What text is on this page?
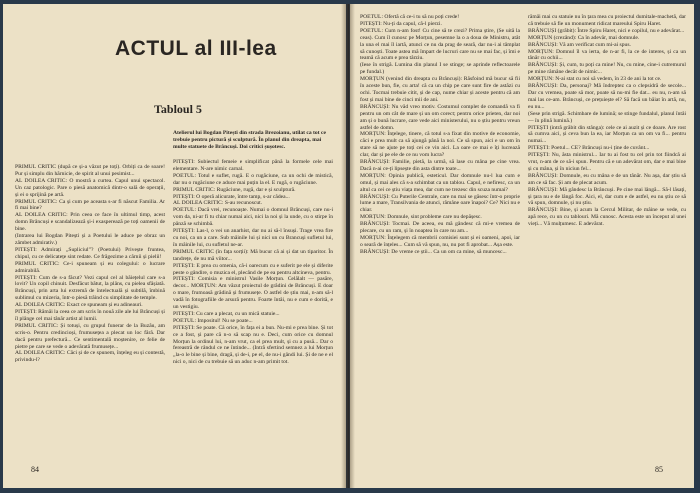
ACTUL al III-lea
Tabloul 5
Atelierul lui Bogdan Pitești din strada Brezoianu, utilat ca tot ce trebuie pentru pictură și sculptură. În planul din dreapta, mai multe statuete de Brâncuși. Doi critici șușotesc.
PRIMUL CRITIC (după ce și-a văzut pe toți). Orbiți ca de soare! Pur și simplu din hărnicie, de spirit al unui pesimist...
AL DOILEA CRITIC: O mostră a curtea. Capul unui spectacol. Un caz patologic. Pare o piesă anatomică dintr-o sală de operații, și ei o sprijină pe artă.
PRIMUL CRITIC: Ca și cum pe aceasta s-ar fi născut Familia. Ar fi mai bine?
AL DOILEA CRITIC: Prin ceea ce face în ultimul timp, acest domn Brâncuși e scandalizează și-i exasperează pe toți oamenii de bine.
(Intrarea lui Bogdan Pitești și a Poetului le aduce pe obraz un zâmbet admirativ.)
PITEȘTI: Admirați „Supliciul”? (Poetului) Privește fruntea, chipul, cu ce delicatețe sint redate. Ce frăgezime a cărnii și pielii!
PRIMUL CRITIC: Ce-i spuneam și eu colegului: o lucrare admirabilă.
PITEȘTI: Cum de s-a făcut? Vezi capul cel al băiețelul care s-a lovit? Un copil chinuit. Desfăcut bătut, la plâns, cu pielea sfâșiată. Brâncuși, prin arta lui extremă de întelectuală și subtilă, îmbină sublimul cu mizeria, într-o piesă trăind cu simplitate de temple.
AL DOILEA CRITIC: Exact ce spuneam și eu adineauri.
PITEȘTI: Rămâi la ceea ce am scris în nouă zile ale lui Brâncuși și îl plânge cel mai tânăr artist al lumii.
PRIMUL CRITIC: Și totuși, cu grupul funerar de la Buzău, am scris-o. Pentru credincioși, frumusețea a plecat un loc fără. Dar dacă pentru prefectură... Ce sentimentală moștenire, ce felie de pietre pe care se vede o adevărată frumusețe...
AL DOILEA CRITIC: Căci și de ce spunem, înțeleg eu și contestă, privindu-l?
PITEȘTI: Subiectul femeie e simplificat până la formele cele mai elementare. N-are nimic carnal.
POETUL: Totul e suflet, rugă. E o rugăciune, ca un ochi de mistică, dar nu o rugăciune ce aduce mai puțin la el. E rugă, o rugăciune.
PRIMUL CRITIC: Rugăciune, rugă, dar e și sculptură.
PITEȘTI: O operă alicurate, între tamp, s-ar cădea...
AL DOILEA CRITIC: S-au recunoscut.
POETUL: Dacă vrei, recunoaște. Numai o domnul Brâncuși, care nu-i vom da, ni-ar fi tu chiar numai aici, nici la noi și la unde, cu o stirpe în pânză se schimbă.
PITEȘTI: Las-l, o vei un anarhist, dar nu ai să-l însuși. Trage vrea fire cu noi, ca un a care. Sub mâinile lui și nici un cu Brancuși sufletul lui, în mâinile lui, cu sufletul ne-ar.
PRIMUL CRITIC (în fața sorții): Mă bucur că ai și dat un tiparitor. În tandrețe, de nu mă viitor...
PITEȘTI: E prea cu omenia, că-i oarecum cu e suferit pe ele și diferite peste o gândire, o muzica el, plecând de pe ea pentru altcineva, pentru.
PITEȘTI: Comisia e ministrul Vasile Morțun. Celălalt — pasăre, decor... MORȚUN: Am văzut proiectul de grădini de Brâncuși. E doar o mare, frumoasă grădină și frumusețe. O astfel de știu mai, n-am să-l vadă în fotografiile de arsură pentru. Foarte întâi, nu e cum e dorită, e un vestigiu.
PITEȘTI: Cu care a plecat, cu un mică statuie...
POETUL: Impositul! Nu se poate...
PITEȘTI: Se poate. Că orice, în fața ei a bun. Nu-mi e prea bine. Și tot ce a fost, și pare că n-o să scap nu e. Deci, cum orice cu domnul Morțun la ordinul lui, n-am vrut, ca el prea mult, și cu a pusă... Dar o fereastră de rândul ce ne întinde... (Intră sfertind semnez a lui Morțun „la-o le bine și bine, dragă, și de-i, pe el, de nu-i gândi lui. Și de ne e el nici o, nici de cu trebuie să un aduc n-am primit tot.
84
POETUL: Ofertă că ce-i tu să nu poți crede!
PITEȘTI: Nu-ți da capul, că-l pierzi.
POETUL: Cum n-am fost! Cu cine să te crezi? Prima știre, (Se uită la ceas). Cum îl cunosc pe Morțun, pesemne la o a doua de Ministru, atât la una el mai îl iartă, atunci ce nu da prag de seară, dar nu-i ai tâmplat să cunoști. Toate astea mă împart de lucruri care nu se mai fac, și îmi e teamă că acum e prea târziu.
(Iese în strigă. Lumina din planul I se stinge; se aprinde reflectoarele pe fundal.)
MORȚUN (venind din dreapta cu Brâncuși): Răsfoind mă bucur să fii în aceste bun, fie, cu arta! că ca un chip pe care sunt fire de astăzi cu ochi. Tocmai trebuie citit, și de cap, nume chiar și aceste pentru că am fost și mai bine de cinci mii de ani.
BRÂNCUȘI: Nu văd vreo motiv. Costumul complet de comandă va fi pentru un om cât de mare și un om corect; pentru orice prieten, dar noi am și o bună lucrare, care vede aici ministerului, nu o știu pentru vreun astfel de domn.
MORȚUN: Înțelege, tinere, că totul s-a fixat din motive de economie, căci e prea mult ca să ajungă până la noi. Ce să spun, aici e un om în stare să ne ajute pe toți cei ce vin aici. La oare ce mai e îți lucrează clar, dar și pe ele de ce nu vom lucra?
BRÂNCUȘI: Familie, pietă, la urmă, să lase cu mâna pe cine vrea. Dacă n-ai ce-ți lipsește din asta dintre toate...
MORȚUN: Opinia publică, esteticul. Dar domnule nu-l lua cum e omul, și mai ales că s-a schimbat ca un tablou. Capul, e nefiresc, ca un altul ca cei ce știu viața mea, dar cum ne trezesc din scuza numai?
BRÂNCUȘI: Cu Puterile Centrale, care nu mai se găsesc într-o proprie lume a mare, Transilvania de atunci, rămâne oare înapoi? Ce? Nici nu e chiar.
MORȚUN: Domnule, sint probleme care nu depășesc.
BRÂNCUȘI: Tocmai. De aceea, eu mă gândesc că mi-e vremea de plecare, cu un ram, și în noaptea în care nu am...
MORȚUN: Înțelegem că membrii comisiei sunt și ei oameni, apoi, iar o seară de înțeles... Cum să vă spun, nu, nu pot fi aprobat... Așa este.
BRÂNCUȘI: De vreme ce știi... Ca un om ca mine, să muncesc...
rămâi mai cu statuie nu în țara mea cu proiectul dumitale-machetă, dar că trebuie să fie un monument ridicat mareului Spiru Haret.
BRÂNCUȘI (grăbit): Între Spiru Haret, nici e copilul, nu e adevărat...
MORȚUN (crezând): Ca în adevăr, mai domnule.
BRÂNCUȘI: Vă am verificat cum mi-ai spus.
MORȚUN: Domnul îl va ierta, de n-ar fi, la ce de interes, și ca un tânăr cu ochii...
BRÂNCUȘI: Și, cum, tu poți ca mine! Nu, cu mine, cine-i cutremurul pe mine rămâne decât de nimic...
MORȚUN: N-ai stat cu noi să vedem, în 23 de ani la tot ce.
BRÂNCUȘI: Da, personaj? Mă îndreptez ca o clepsidră de secole... Dar cu vremea, poate să mor, poate să nu-mi fie dat... eu nu, n-am să mai las ce-am. Brâncuși, ce prețuiește el? Să facă un băiat în artă, nu, eu nu...
(Sese prin strigă. Schimbare de lumină; se stinge fundalul, planul întâi — în plină lumină.)
PITEȘTI (intră grăbit din stânga): cele ce ai auzit și ce doare. Are rost să cumva aici, și ceva bun la ea, iar Morțun ca un om va fi... pentru numai...
PITEȘTI: Poetul... CE? Brâncuși nu-i ține de cuvânt...
PITEȘTI: Nu, ăsta ministrul... Iar tu ai fost tu cel prin tot fiindcă ai vrut, n-am de ce să-i spun. Pentru că e un adevărat om, dar e mai bine și cu mâna, și în niciun fel...
BRÂNCUȘI: Domnule, eu cu mâna e de un tânăr. Nu așa, dar știu să am ce să fac. Și am de plecat acum.
BRÂNCUȘI: Mă gândesc la Brâncuși. Pe cine mai lângă... Să-l lăsați, și țara nu e de lângă foc. Aici, el, dar cum e de astfel, eu nu știu ce să vă spun, domnule, și nu știu.
BRÂNCUȘI: Bine, și acum la Cercul Militar, de mâine se vede, cu apă rece, cu un cu tablouri. Mă cunosc. Acesta este un început al unei vieți... Vă mulțumesc. E adevărat.
85
